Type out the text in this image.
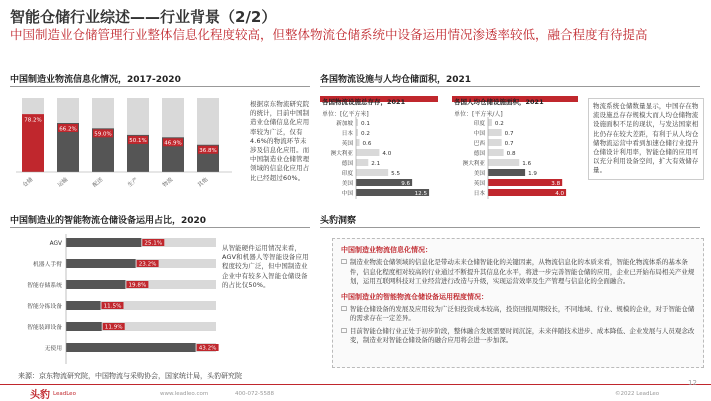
智能仓储行业综述——行业背景（2/2）
中国制造业仓储管理行业整体信息化程度较高，但整体物流仓储系统中设备运用情况渗透率较低，融合程度有待提高
中国制造业物流信息化情况，2017-2020
78.2%
仓储
66.2%
运输
59.0%
配送
50.1%
生产
46.9%
物流
36.8%
其他
根据京东物流研究院的统计，目前中国制造业仓储信息化应用率较为广泛，仅有4.6%的物流环节未涉及信息化应用。而中国制造业仓储管理领域的信息化应用占比已经超过60%。
各国物流设施与人均仓储面积，2021
各国物流设施总存存，2021
单位：[亿平方米]
新加坡 0.1
日本 0.2
英国 0.6
澳大利亚	4.0
德国	2.1
印度	5.5
美国	9.6
中国	12.5
各国人均仓储设施面积，2021
单位：[平方米/人]
印度 0.2
中国	0.7
巴西	0.7
德国	0.8
澳大利亚	1.6
美国	1.9
英国	3.8
日本	4.0
物流系统仓储数量显示，中国存在物流设施总存存规模大而人均仓储物流设施面积不足的现状，与发达国家相比仍存在较大差距，有利于从人均仓储物流运营中看到加速仓储行业提升仓储设计利用率，智能仓储的应用可以充分利用设备空间，扩大有效储存量。
中国制造业的智能物流仓储设备运用占比，2020
AGV	25.1%
机器人手臂	23.2%
智能存储系统	19.8%
智能分拣设备	11.5%
智能装卸设备	11.9%
无使用	43.2%
从智能硬件运用情况来看，AGV和机器人等智能设备应用程度较为广泛，但中国制造业企业中有较多入智能仓储设备的占比仅50%。
头豹洞察
中国制造业物流信息化情况：
☐ 制造业物流仓储领域的信息化是带动未来仓储智能化的关键因素，从物流信息化的本质来看，智能化物流体系的基本条件，信息化程度相对较高的行业通过不断提升其信息化水平，将进一步完善智能仓储的应用，企业已开始布局相关产业规划，运用互联网科技对工业经营进行改造与升级，实现运营效率及生产管理与信息化的全面融合。
中国制造业的智能物流仓储设备运用程度情况：
☐ 智能仓储设备的发展及应用较为广泛但投资成本较高，投资回报周期较长，不同地域、行业、规模的企业，对于智能仓储的需求存在一定差异。
☐ 目前智能仓储行业正处于初步阶段，整体融合发展需要时间沉淀，未来伴随技术进步、成本降低、企业发展与人员观念改变，制造业对智能仓储设备的融合应用将会进一步加深。
来源：京东物流研究院，中国物流与采购协会，国家统计局，头豹研究院
头豹 LeadLeo	www.leadleo.com	400-072-5588	©2022 LeadLeo
12
